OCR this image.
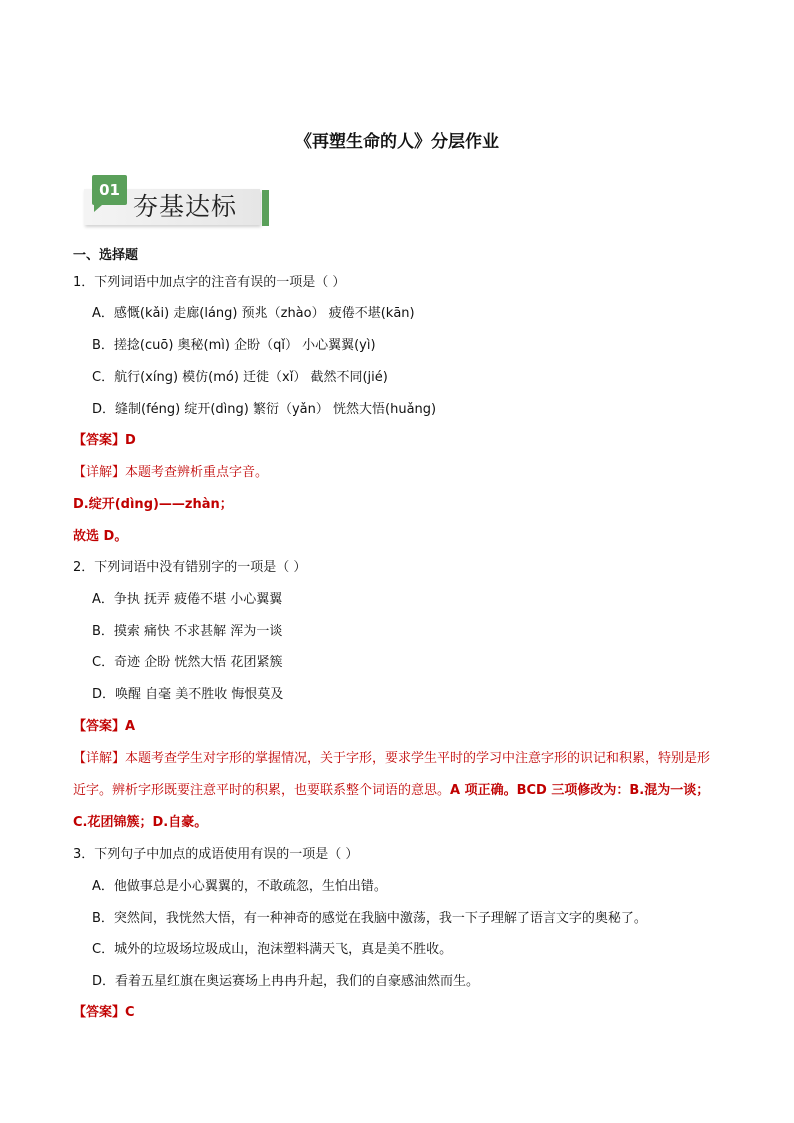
《再塑生命的人》分层作业
01
夯基达标
一、选择题
1．下列词语中加点字的注音有误的一项是（ ）
A．感慨(kǎi) 走廊(láng) 预兆（zhào） 疲倦不堪(kān)
B．搓捻(cuō) 奥秘(mì) 企盼（qǐ） 小心翼翼(yì)
C．航行(xíng) 模仿(mó) 迁徙（xǐ） 截然不同(jié)
D．缝制(féng) 绽开(dìng) 繁衍（yǎn） 恍然大悟(huǎng)
【答案】D
【详解】本题考查辨析重点字音。
D.绽开(dìng)——zhàn；
故选 D。
2．下列词语中没有错别字的一项是（ ）
A．争执 抚弄 疲倦不堪 小心翼翼
B．摸索 痛快 不求甚解 浑为一谈
C．奇迹 企盼 恍然大悟 花团紧簇
D．唤醒 自毫 美不胜收 悔恨莫及
【答案】A
【详解】本题考查学生对字形的掌握情况，关于字形，要求学生平时的学习中注意字形的识记和积累，特别是形近字。辨析字形既要注意平时的积累，也要联系整个词语的意思。A 项正确。BCD 三项修改为：B.混为一谈；C.花团锦簇；D.自豪。
3．下列句子中加点的成语使用有误的一项是（ ）
A．他做事总是小心翼翼的，不敢疏忽，生怕出错。
B．突然间，我恍然大悟，有一种神奇的感觉在我脑中激荡，我一下子理解了语言文字的奥秘了。
C．城外的垃圾场垃圾成山，泡沫塑料满天飞，真是美不胜收。
D．看着五星红旗在奥运赛场上冉冉升起，我们的自豪感油然而生。
【答案】C
